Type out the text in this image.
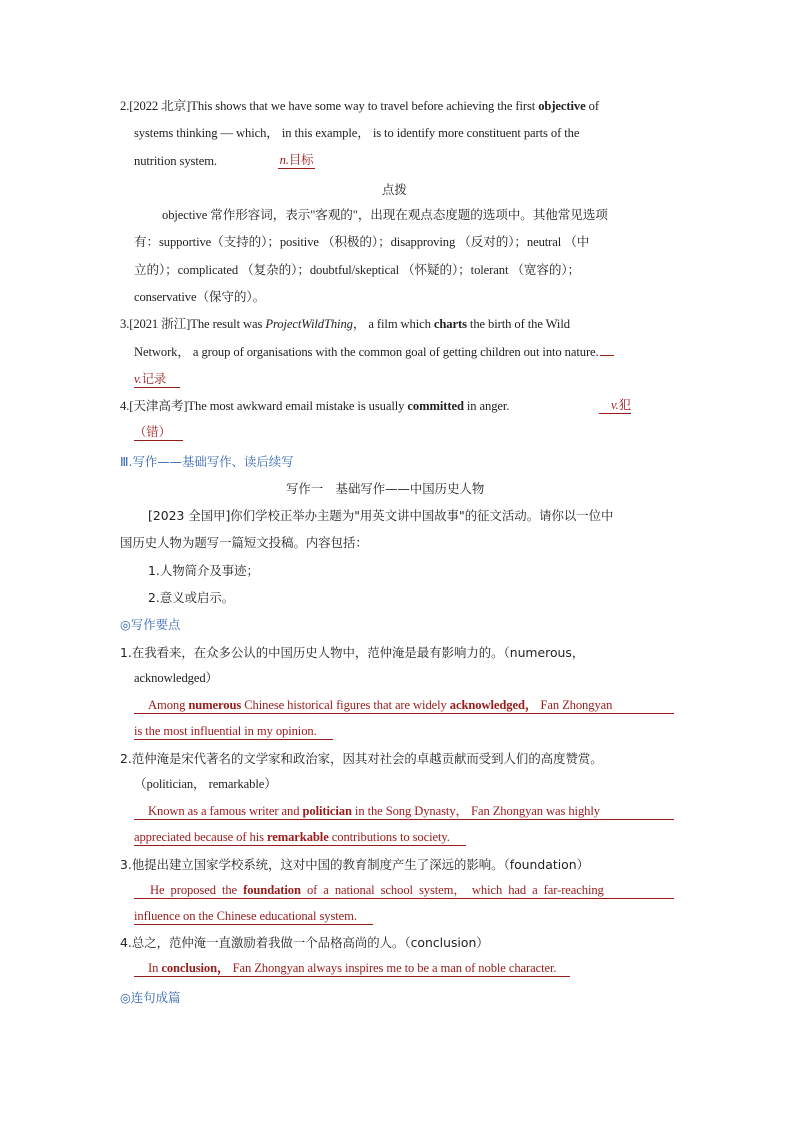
2.[2022 北京]This shows that we have some way to travel before achieving the first objective of
systems thinking — which， in this example， is to identify more constituent parts of the
nutrition system.	n.目标
点拨
objective 常作形容词，表示"客观的"，出现在观点态度题的选项中。其他常见选项
有：supportive（支持的）；positive （积极的）；disapproving （反对的）；neutral （中
立的）；complicated （复杂的）；doubtful/skeptical （怀疑的）；tolerant （宽容的）；
conservative（保守的）。
3.[2021 浙江]The result was ProjectWildThing， a film which charts the birth of the Wild
Network， a group of organisations with the common goal of getting children out into nature.
v.记录
4.[天津高考]The most awkward email mistake is usually committed in anger.	v.犯
（错）
Ⅲ.写作——基础写作、读后续写
写作一　基础写作——中国历史人物
[2023 全国甲]你们学校正举办主题为"用英文讲中国故事"的征文活动。请你以一位中
国历史人物为题写一篇短文投稿。内容包括：
1.人物简介及事迹；
2.意义或启示。
◎写作要点
1.在我看来，在众多公认的中国历史人物中，范仲淹是最有影响力的。（numerous，
acknowledged）
Among numerous Chinese historical figures that are widely acknowledged， Fan Zhongyan
is the most influential in my opinion.
2.范仲淹是宋代著名的文学家和政治家，因其对社会的卓越贡献而受到人们的高度赞赏。
（politician， remarkable）
Known as a famous writer and politician in the Song Dynasty， Fan Zhongyan was highly
appreciated because of his remarkable contributions to society.
3.他提出建立国家学校系统，这对中国的教育制度产生了深远的影响。（foundation）
He proposed the foundation of a national school system， which had a far-reaching
influence on the Chinese educational system.
4.总之，范仲淹一直激励着我做一个品格高尚的人。（conclusion）
In conclusion， Fan Zhongyan always inspires me to be a man of noble character.
◎连句成篇
